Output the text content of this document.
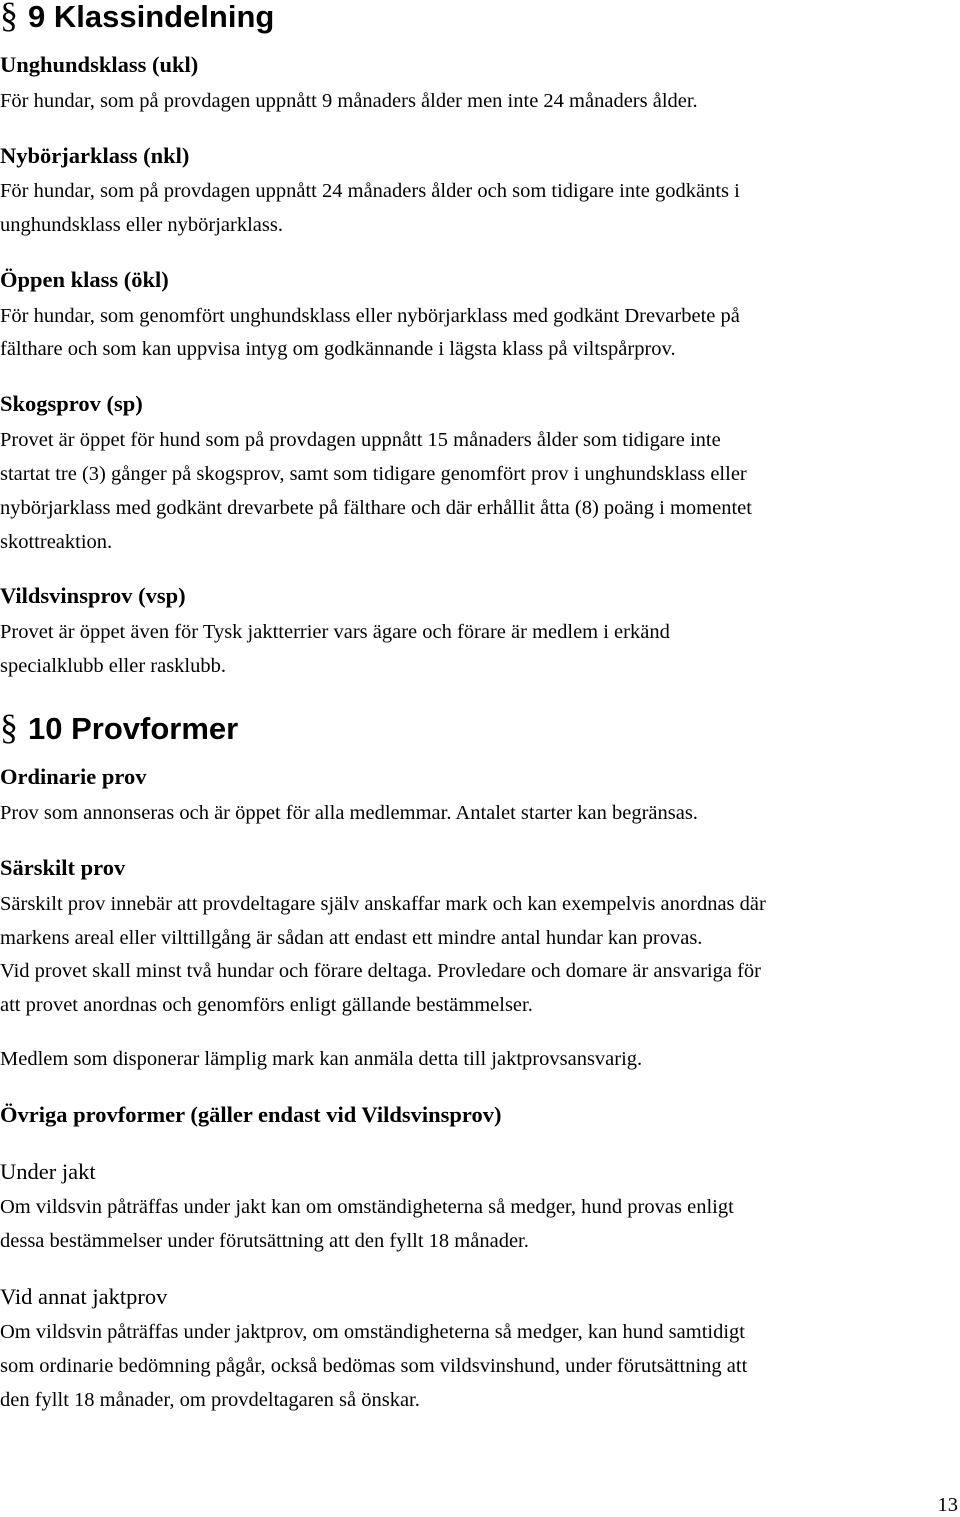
§ 9 Klassindelning
Unghundsklass (ukl)
För hundar, som på provdagen uppnått 9 månaders ålder men inte 24 månaders ålder.
Nybörjarklass (nkl)
För hundar, som på provdagen uppnått 24 månaders ålder och som tidigare inte godkänts i
unghundsklass eller nybörjarklass.
Öppen klass (ökl)
För hundar, som genomfört unghundsklass eller nybörjarklass med godkänt Drevarbete på
fälthare och som kan uppvisa intyg om godkännande i lägsta klass på viltspårprov.
Skogsprov (sp)
Provet är öppet för hund som på provdagen uppnått 15 månaders ålder som tidigare inte
startat tre (3) gånger på skogsprov, samt som tidigare genomfört prov i unghundsklass eller
nybörjarklass med godkänt drevarbete på fälthare och där erhållit åtta (8) poäng i momentet
skottreaktion.
Vildsvinsprov (vsp)
Provet är öppet även för Tysk jaktterrier vars ägare och förare är medlem i erkänd
specialklubb eller rasklubb.
§ 10 Provformer
Ordinarie prov
Prov som annonseras och är öppet för alla medlemmar. Antalet starter kan begränsas.
Särskilt prov
Särskilt prov innebär att provdeltagare själv anskaffar mark och kan exempelvis anordnas där
markens areal eller vilttillgång är sådan att endast ett mindre antal hundar kan provas.
Vid provet skall minst två hundar och förare deltaga. Provledare och domare är ansvariga för
att provet anordnas och genomförs enligt gällande bestämmelser.
Medlem som disponerar lämplig mark kan anmäla detta till jaktprovsansvarig.
Övriga provformer (gäller endast vid Vildsvinsprov)
Under jakt
Om vildsvin påträffas under jakt kan om omständigheterna så medger, hund provas enligt
dessa bestämmelser under förutsättning att den fyllt 18 månader.
Vid annat jaktprov
Om vildsvin påträffas under jaktprov, om omständigheterna så medger, kan hund samtidigt
som ordinarie bedömning pågår, också bedömas som vildsvinshund, under förutsättning att
den fyllt 18 månader, om provdeltagaren så önskar.
13
